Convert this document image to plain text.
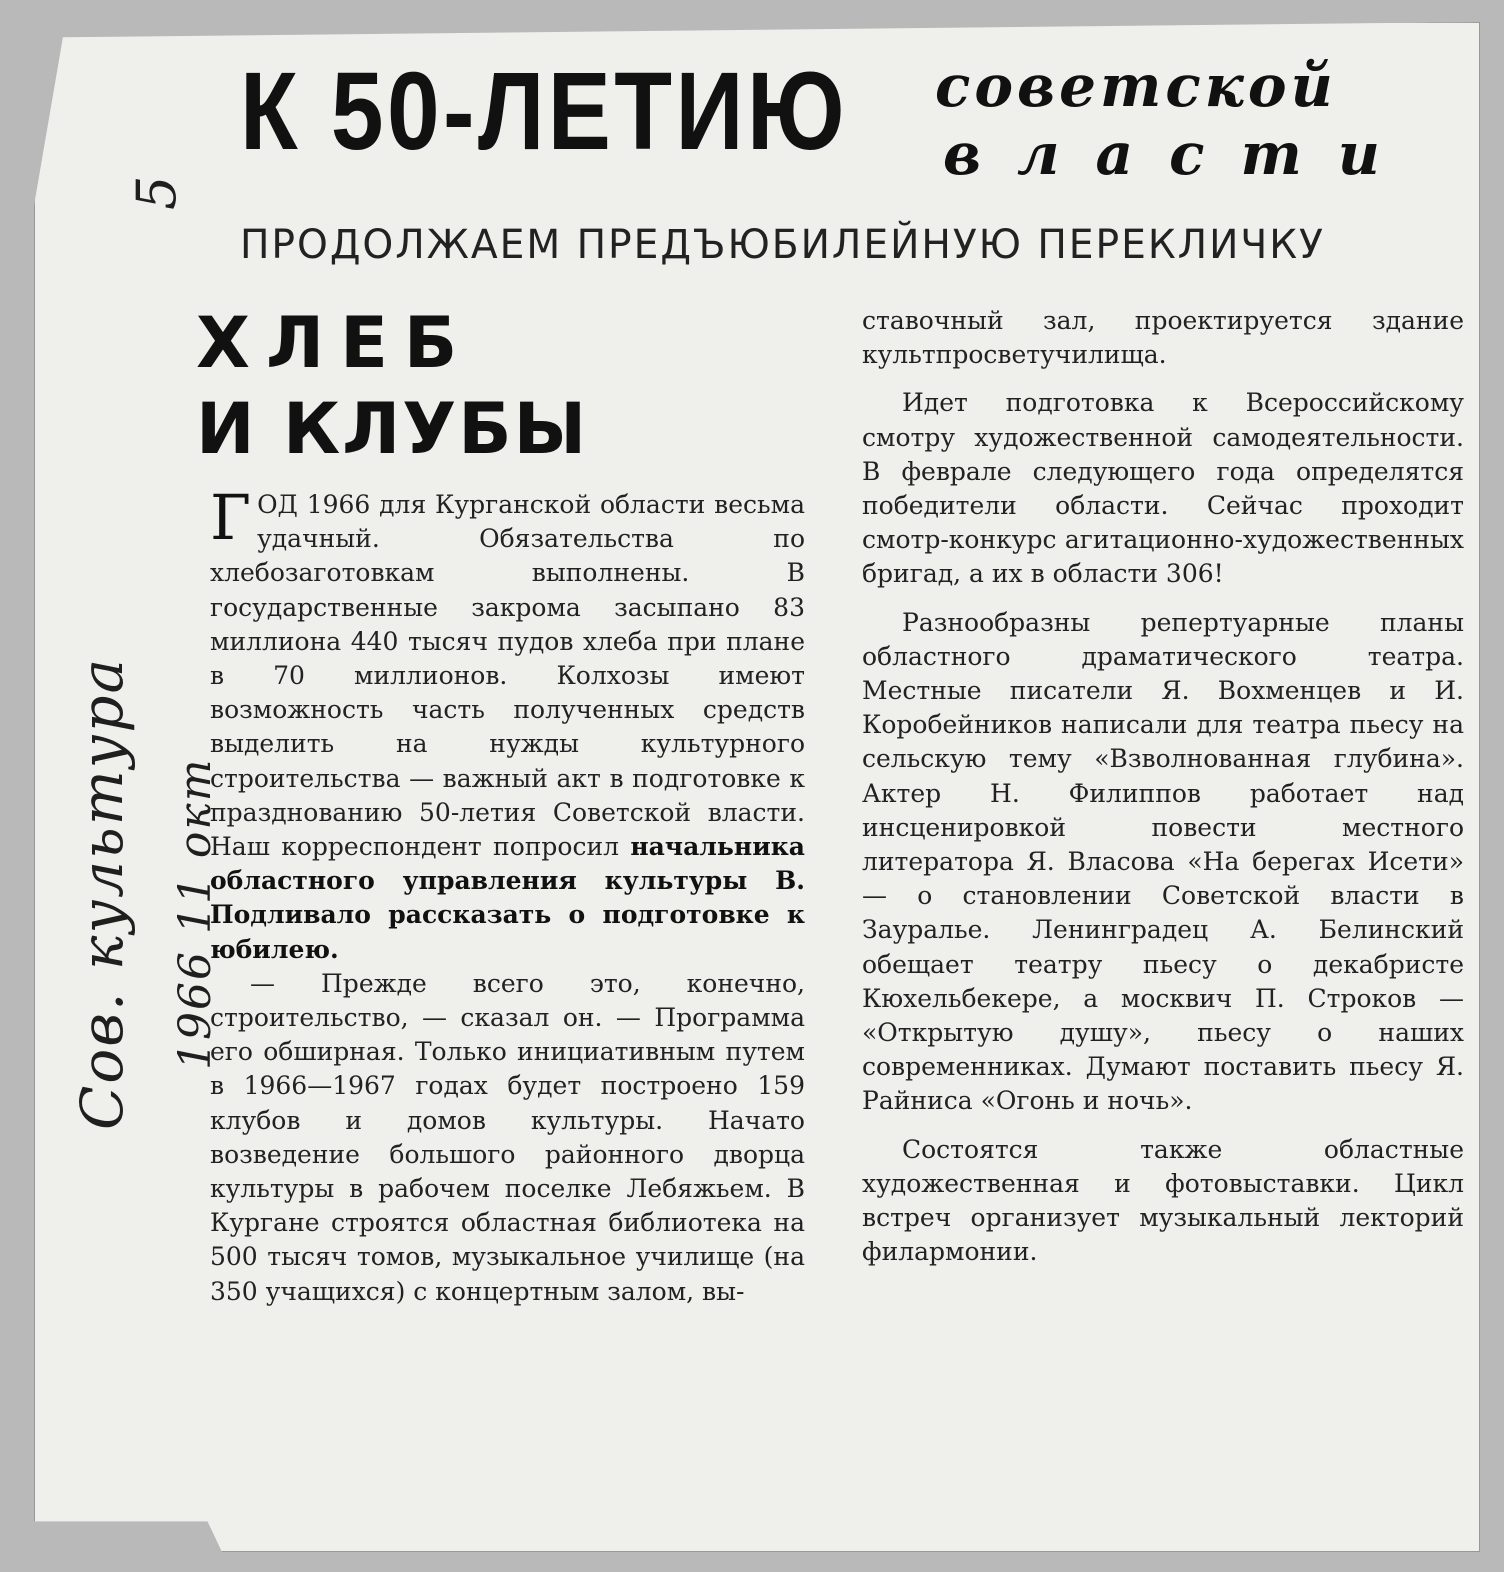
5
Сов. культура 1966 11 окт
К 50-ЛЕТИЮ советской
власти
ПРОДОЛЖАЕМ ПРЕДЪЮБИЛЕЙНУЮ ПЕРЕКЛИЧКУ
ХЛЕБ
И КЛУБЫ

ГОД 1966 для Курганской области весьма удачный. Обязательства по хлебозаготовкам выполнены. В государственные закрома засыпано 83 миллиона 440 тысяч пудов хлеба при плане в 70 миллионов. Колхозы имеют возможность часть полученных средств выделить на нужды культурного строительства — важный акт в подготовке к празднованию 50-летия Советской власти. Наш корреспондент попросил начальника областного управления культуры В. Подливало рассказать о подготовке к юбилею.

— Прежде всего это, конечно, строительство, — сказал он. — Программа его обширная. Только инициативным путем в 1966—1967 годах будет построено 159 клубов и домов культуры. Начато возведение большого районного дворца культуры в рабочем поселке Лебяжьем. В Кургане строятся областная библиотека на 500 тысяч томов, музыкальное училище (на 350 учащихся) с концертным залом, вы-

ставочный зал, проектируется здание культпросветучилища.

Идет подготовка к Всероссийскому смотру художественной самодеятельности. В феврале следующего года определятся победители области. Сейчас проходит смотр-конкурс агитационно-художественных бригад, а их в области 306!

Разнообразны репертуарные планы областного драматического театра. Местные писатели Я. Вохменцев и И. Коробейников написали для театра пьесу на сельскую тему «Взволнованная глубина». Актер Н. Филиппов работает над инсценировкой повести местного литератора Я. Власова «На берегах Исети» — о становлении Советской власти в Зауралье. Ленинградец А. Белинский обещает театру пьесу о декабристе Кюхельбекере, а москвич П. Строков — «Открытую душу», пьесу о наших современниках. Думают поставить пьесу Я. Райниса «Огонь и ночь».

Состоятся также областные художественная и фотовыставки. Цикл встреч организует музыкальный лекторий филармонии.
